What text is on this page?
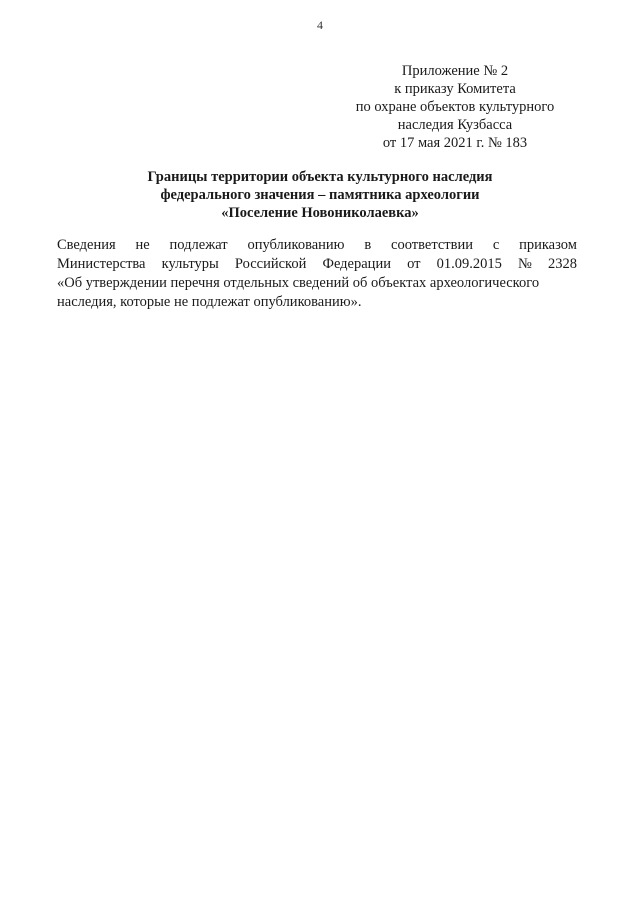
4
Приложение № 2
к приказу Комитета
по охране объектов культурного
наследия Кузбасса
от 17 мая 2021 г. № 183
Границы территории объекта культурного наследия
федерального значения – памятника археологии
«Поселение Новониколаевка»
Сведения не подлежат опубликованию в соответствии с приказом
Министерства культуры Российской Федерации от 01.09.2015 № 2328
«Об утверждении перечня отдельных сведений об объектах археологического
наследия, которые не подлежат опубликованию».
